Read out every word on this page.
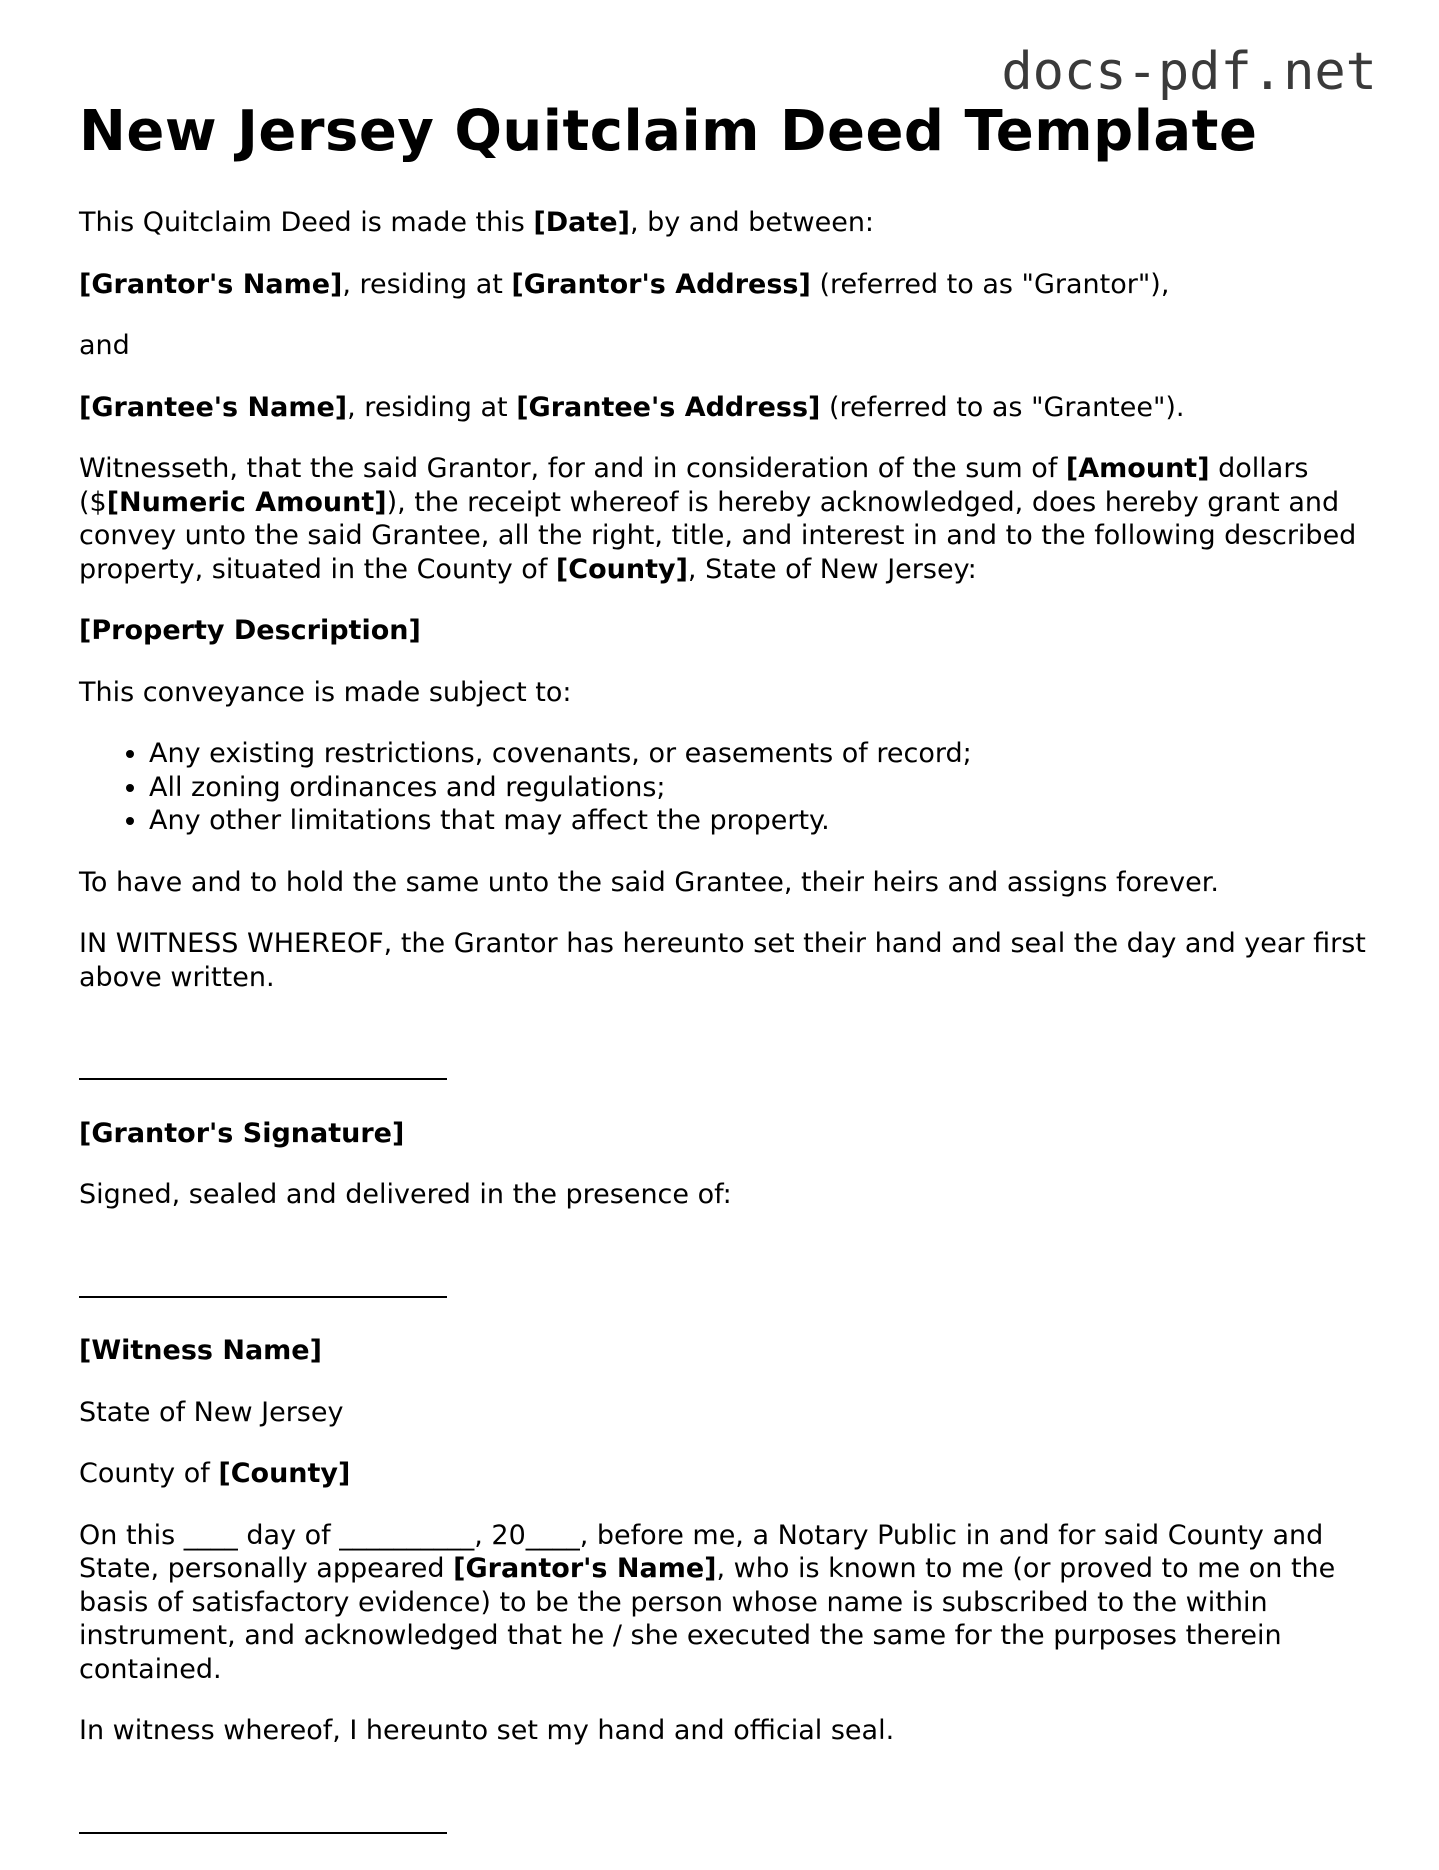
docs-pdf.net
New Jersey Quitclaim Deed Template

This Quitclaim Deed is made this [Date], by and between:

[Grantor's Name], residing at [Grantor's Address] (referred to as "Grantor"),

and

[Grantee's Name], residing at [Grantee's Address] (referred to as "Grantee").

Witnesseth, that the said Grantor, for and in consideration of the sum of [Amount] dollars ($[Numeric Amount]), the receipt whereof is hereby acknowledged, does hereby grant and convey unto the said Grantee, all the right, title, and interest in and to the following described property, situated in the County of [County], State of New Jersey:

[Property Description]

This conveyance is made subject to:

• Any existing restrictions, covenants, or easements of record;
• All zoning ordinances and regulations;
• Any other limitations that may affect the property.

To have and to hold the same unto the said Grantee, their heirs and assigns forever.

IN WITNESS WHEREOF, the Grantor has hereunto set their hand and seal the day and year first above written.

[Grantor's Signature]

Signed, sealed and delivered in the presence of:

[Witness Name]

State of New Jersey

County of [County]

On this ____ day of __________, 20____, before me, a Notary Public in and for said County and State, personally appeared [Grantor's Name], who is known to me (or proved to me on the basis of satisfactory evidence) to be the person whose name is subscribed to the within instrument, and acknowledged that he / she executed the same for the purposes therein contained.

In witness whereof, I hereunto set my hand and official seal.
